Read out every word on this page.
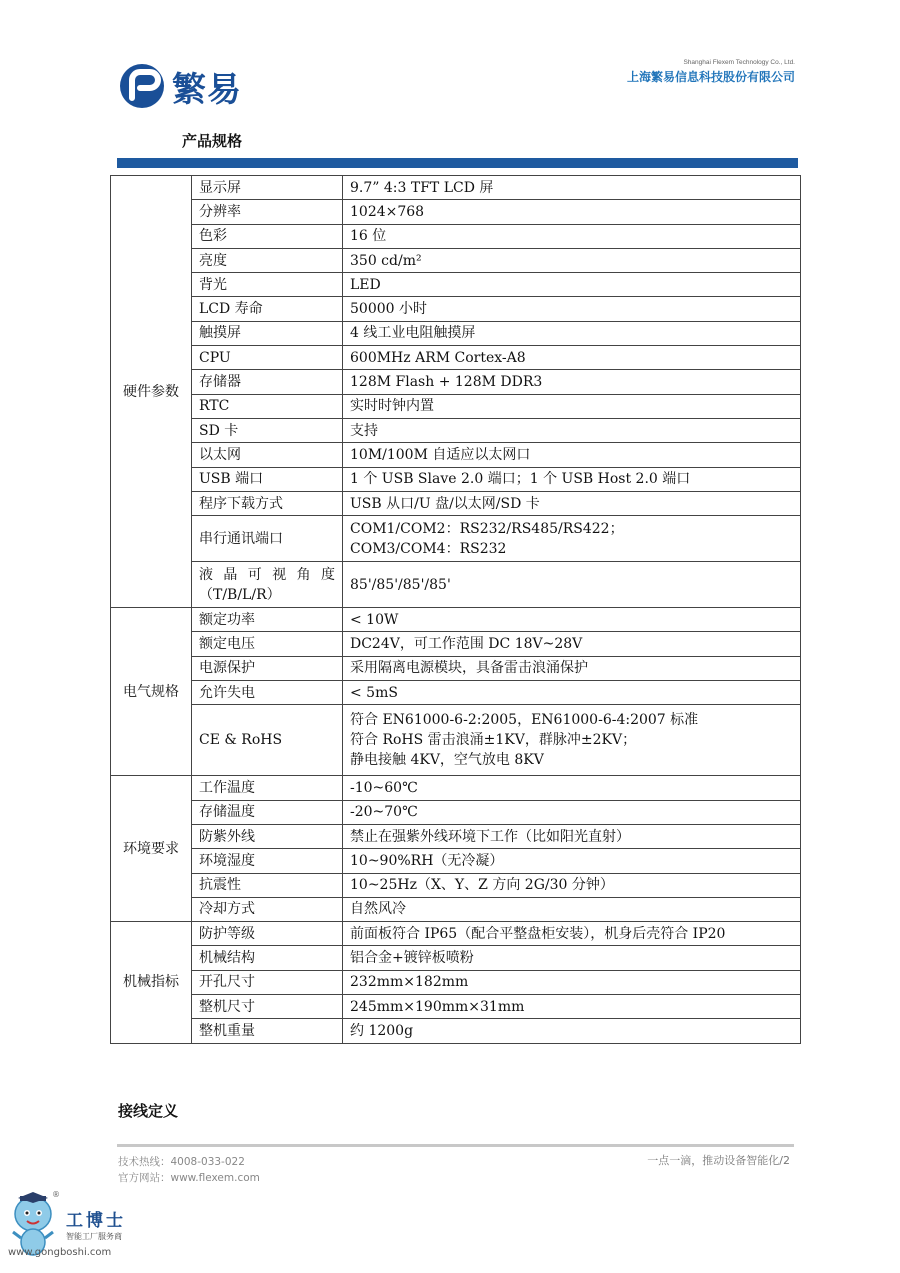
繁易
Shanghai Flexem Technology Co., Ltd.
上海繁易信息科技股份有限公司
产品规格
硬件参数	显示屏	9.7” 4:3 TFT LCD 屏
	分辨率	1024×768
	色彩	16 位
	亮度	350 cd/m²
	背光	LED
	LCD 寿命	50000 小时
	触摸屏	4 线工业电阻触摸屏
	CPU	600MHz ARM Cortex-A8
	存储器	128M Flash + 128M DDR3
	RTC	实时时钟内置
	SD 卡	支持
	以太网	10M/100M 自适应以太网口
	USB 端口	1 个 USB Slave 2.0 端口；1 个 USB Host 2.0 端口
	程序下载方式	USB 从口/U 盘/以太网/SD 卡
	串行通讯端口	COM1/COM2：RS232/RS485/RS422；
COM3/COM4：RS232

	液晶可视角度
（T/B/L/R）	85'/85'/85'/85'
电气规格	额定功率	< 10W
	额定电压	DC24V，可工作范围 DC 18V~28V
	电源保护	采用隔离电源模块，具备雷击浪涌保护
	允许失电	< 5mS
	CE & RoHS	符合 EN61000-6-2:2005，EN61000-6-4:2007 标准
符合 RoHS 雷击浪涌±1KV，群脉冲±2KV；
静电接触 4KV，空气放电 8KV

环境要求	工作温度	-10~60℃
	存储温度	-20~70℃
	防紫外线	禁止在强紫外线环境下工作（比如阳光直射）
	环境湿度	10~90%RH（无冷凝）
	抗震性	10~25Hz（X、Y、Z 方向 2G/30 分钟）
	冷却方式	自然风冷
机械指标	防护等级	前面板符合 IP65（配合平整盘柜安装），机身后壳符合 IP20
	机械结构	铝合金+镀锌板喷粉
	开孔尺寸	232mm×182mm
	整机尺寸	245mm×190mm×31mm
	整机重量	约 1200g
接线定义
技术热线：4008-033-022
官方网站：www.flexem.com
一点一滴，推动设备智能化/2
工博士
智能工厂服务商
®
www.gongboshi.com
